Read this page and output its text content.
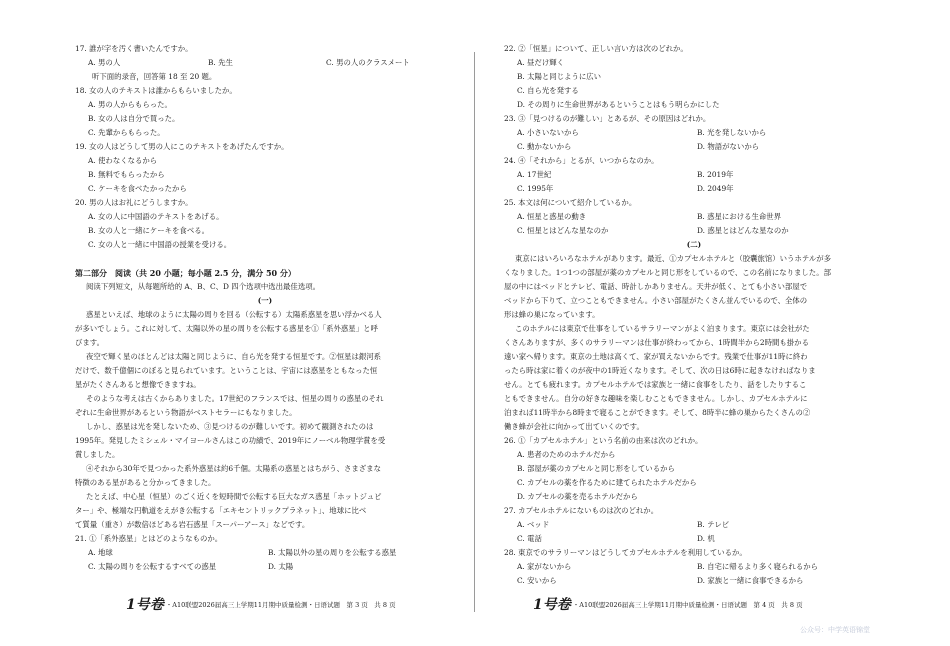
17. 誰が字を汚く書いたんですか。
A. 男の人	B. 先生	C. 男の人のクラスメート
听下面的录音，回答第 18 至 20 题。
18. 女の人のテキストは誰からもらいましたか。
A. 男の人からもらった。
B. 女の人は自分で買った。
C. 先輩からもらった。
19. 女の人はどうして男の人にこのテキストをあげたんですか。
A. 使わなくなるから
B. 無料でもらったから
C. ケーキを食べたかったから
20. 男の人はお礼にどうしますか。
A. 女の人に中国語のテキストをあげる。
B. 女の人と一緒にケーキを食べる。
C. 女の人と一緒に中国語の授業を受ける。
第二部分　阅读（共 20 小题；每小题 2.5 分，满分 50 分）
阅读下列短文，从每题所给的 A、B、C、D 四个选项中选出最佳选项。
(一)
惑星といえば、地球のように太陽の周りを回る（公転する）太陽系惑星を思い浮かべる人
が多いでしょう。これに対して、太陽以外の星の周りを公転する惑星を①「系外惑星」と呼
びます。
夜空で輝く星のほとんどは太陽と同じように、自ら光を発する恒星です。②恒星は銀河系
だけで、数千億個にのぼると見られています。ということは、宇宙には惑星をともなった恒
星がたくさんあると想像できますね。
そのような考えは古くからありました。17世紀のフランスでは、恒星の周りの惑星のそれ
ぞれに生命世界があるという物語がベストセラーにもなりました。
しかし、惑星は光を発しないため、③見つけるのが難しいです。初めて観測されたのは
1995年。発見したミシェル・マイヨールさんはこの功績で、2019年にノーベル物理学賞を受
賞しました。
④それから30年で見つかった系外惑星は約6千個。太陽系の惑星とはちがう、さまざまな
特徴のある星があると分かってきました。
たとえば、中心星（恒星）のごく近くを短時間で公転する巨大なガス惑星「ホットジュピ
ター」や、極端な円軌道をえがき公転する「エキセントリックプラネット」、地球に比べ
て質量（重さ）が数倍ほどある岩石惑星「スーパーアース」などです。
21. ①「系外惑星」とはどのようなものか。
A. 地球	B. 太陽以外の星の周りを公転する惑星
C. 太陽の周りを公転するすべての惑星	D. 太陽
1号卷 ・A10联盟2026届高三上学期11月期中质量检测・日语试题　第 3 页　共 8 页
22. ②「恒星」について、正しい言い方は次のどれか。
A. 昼だけ輝く
B. 太陽と同じように広い
C. 自ら光を発する
D. その周りに生命世界があるということはもう明らかにした
23. ③「見つけるのが難しい」とあるが、その原因はどれか。
A. 小さいないから	B. 光を発しないから
C. 動かないから	D. 物語がないから
24. ④「それから」とるが、いつからなのか。
A. 17世紀	B. 2019年
C. 1995年	D. 2049年
25. 本文は何について紹介しているか。
A. 恒星と惑星の動き	B. 惑星における生命世界
C. 恒星とはどんな星なのか	D. 惑星とはどんな星なのか
(二)
東京にはいろいろなホテルがあります。最近、①カプセルホテルと（胶囊旅馆）いうホテルが多
くなりました。1つ1つの部屋が薬のカプセルと同じ形をしているので、この名前になりました。部
屋の中にはベッドとテレビ、電話、時計しかありません。天井が低く、とても小さい部屋で
ベッドから下りて、立つこともできません。小さい部屋がたくさん並んでいるので、全体の
形は蜂の巣になっています。
このホテルには東京で仕事をしているサラリーマンがよく泊まります。東京には会社がた
くさんありますが、多くのサラリーマンは仕事が終わってから、1時間半から2時間も掛かる
遠い家へ帰ります。東京の土地は高くて、家が買えないからです。残業で仕事が11時に終わ
ったら時は家に着くのが夜中の1時近くなります。そして、次の日は6時に起きなければなりま
せん。とても疲れます。カプセルホテルでは家族と一緒に食事をしたり、話をしたりするこ
ともできません。自分の好きな趣味を楽しむこともできません。しかし、カプセルホテルに
泊まれば11時半から8時まで寝ることができます。そして、8時半に蜂の巣からたくさんの②
働き蜂が会社に向かって出ていくのです。
26. ①「カプセルホテル」という名前の由来は次のどれか。
A. 患者のためのホテルだから
B. 部屋が薬のカプセルと同じ形をしているから
C. カプセルの薬を作るために建てられたホテルだから
D. カプセルの薬を売るホテルだから
27. カプセルホテルにないものは次のどれか。
A. ベッド	B. テレビ
C. 電話	D. 机
28. 東京でのサラリーマンはどうしてカプセルホテルを利用しているか。
A. 家がないから	B. 自宅に帰るより多く寝られるから
C. 安いから	D. 家族と一緒に食事できるから
1号卷 ・A10联盟2026届高三上学期11月期中质量检测・日语试题　第 4 页　共 8 页
公众号：中学英语锦堂
